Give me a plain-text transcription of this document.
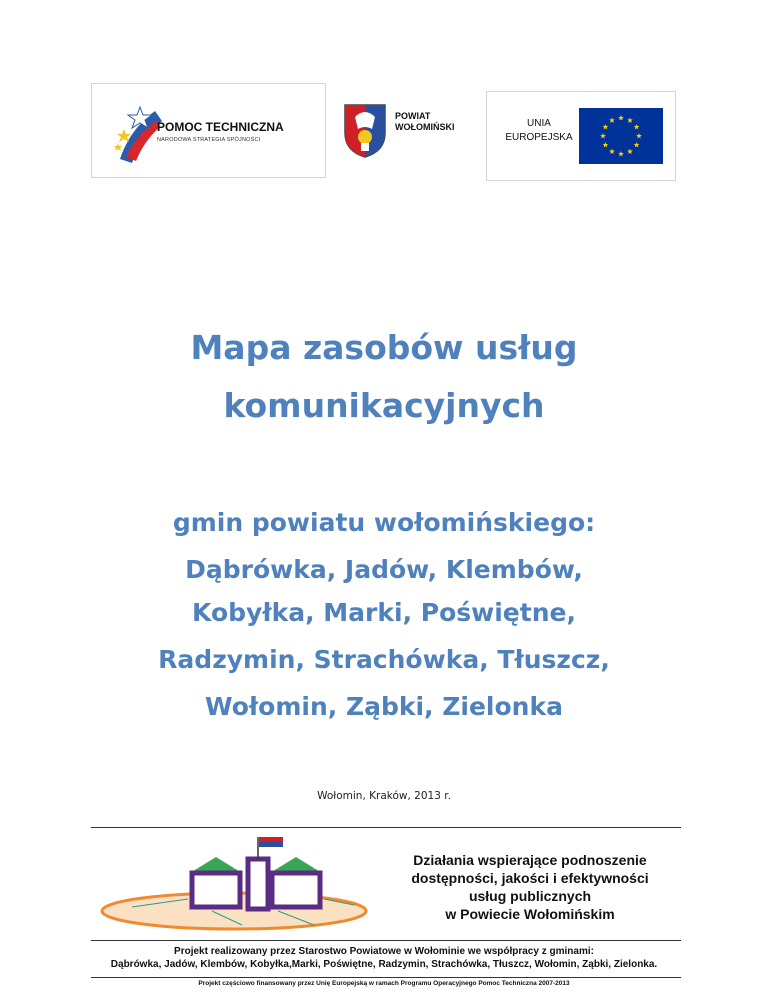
POMOC TECHNICZNA
NARODOWA STRATEGIA SPÓJNOŚCI
POWIAT
WOŁOMIŃSKI	UNIA
EUROPEJSKA
Mapa zasobów usług
komunikacyjnych
gmin powiatu wołomińskiego:
Dąbrówka, Jadów, Klembów,
Kobyłka, Marki, Poświętne,
Radzymin, Strachówka, Tłuszcz,
Wołomin, Ząbki, Zielonka
Wołomin, Kraków, 2013 r.
Działania wspierające podnoszenie
dostępności, jakości i efektywności
usług publicznych
w Powiecie Wołomińskim
Projekt realizowany przez Starostwo Powiatowe w Wołominie we współpracy z gminami:
Dąbrówka, Jadów, Klembów, Kobyłka,Marki, Poświętne, Radzymin, Strachówka, Tłuszcz, Wołomin, Ząbki, Zielonka.
Projekt częściowo finansowany przez Unię Europejską w ramach Programu Operacyjnego Pomoc Techniczna 2007-2013
